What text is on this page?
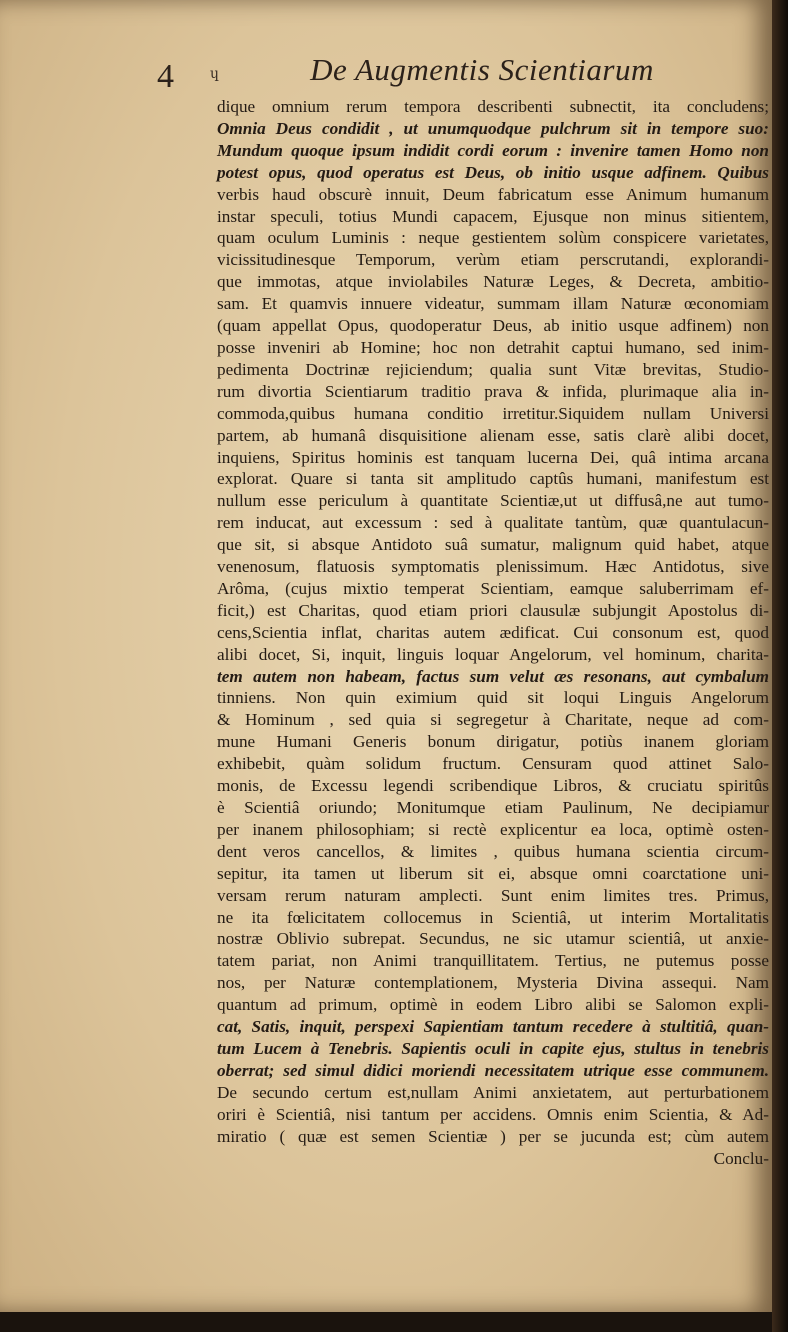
4	ɥ	De Augmentis Scientiarum
dique omnium rerum tempora describenti subnectit, ita concludens;
Omnia Deus condidit , ut unumquodque pulchrum sit in tempore suo:
Mundum quoque ipsum indidit cordi eorum : invenire tamen Homo non
potest opus, quod operatus est Deus, ob initio usque adfinem. Quibus
verbis haud obscurè innuit, Deum fabricatum esse Animum humanum
instar speculi, totius Mundi capacem, Ejusque non minus sitientem,
quam oculum Luminis : neque gestientem solùm conspicere varietates,
vicissitudinesque Temporum, verùm etiam perscrutandi, explorandi-
que immotas, atque inviolabiles Naturæ Leges, & Decreta, ambitio-
sam. Et quamvis innuere videatur, summam illam Naturæ œconomiam
(quam appellat Opus, quodoperatur Deus, ab initio usque adfinem) non
posse inveniri ab Homine; hoc non detrahit captui humano, sed inim-
pedimenta Doctrinæ rejiciendum; qualia sunt Vitæ brevitas, Studio-
rum divortia Scientiarum traditio prava & infida, plurimaque alia in-
commoda,quibus humana conditio irretitur.Siquidem nullam Universi
partem, ab humanâ disquisitione alienam esse, satis clarè alibi docet,
inquiens, Spiritus hominis est tanquam lucerna Dei, quâ intima arcana
explorat. Quare si tanta sit amplitudo captûs humani, manifestum est
nullum esse periculum à quantitate Scientiæ,ut ut diffusâ,ne aut tumo-
rem inducat, aut excessum : sed à qualitate tantùm, quæ quantulacun-
que sit, si absque Antidoto suâ sumatur, malignum quid habet, atque
venenosum, flatuosis symptomatis plenissimum. Hæc Antidotus, sive
Arôma, (cujus mixtio temperat Scientiam, eamque saluberrimam ef-
ficit,) est Charitas, quod etiam priori clausulæ subjungit Apostolus di-
cens,Scientia inflat, charitas autem ædificat. Cui consonum est, quod
alibi docet, Si, inquit, linguis loquar Angelorum, vel hominum, charita-
tem autem non habeam, factus sum velut æs resonans, aut cymbalum
tinniens. Non quin eximium quid sit loqui Linguis Angelorum
& Hominum , sed quia si segregetur à Charitate, neque ad com-
mune Humani Generis bonum dirigatur, potiùs inanem gloriam
exhibebit, quàm solidum fructum. Censuram quod attinet Salo-
monis, de Excessu legendi scribendique Libros, & cruciatu spiritûs
è Scientiâ oriundo; Monitumque etiam Paulinum, Ne decipiamur
per inanem philosophiam; si rectè explicentur ea loca, optimè osten-
dent veros cancellos, & limites , quibus humana scientia circum-
sepitur, ita tamen ut liberum sit ei, absque omni coarctatione uni-
versam rerum naturam amplecti. Sunt enim limites tres. Primus,
ne ita fœlicitatem collocemus in Scientiâ, ut interim Mortalitatis
nostræ Oblivio subrepat. Secundus, ne sic utamur scientiâ, ut anxie-
tatem pariat, non Animi tranquillitatem. Tertius, ne putemus posse
nos, per Naturæ contemplationem, Mysteria Divina assequi. Nam
quantum ad primum, optimè in eodem Libro alibi se Salomon expli-
cat, Satis, inquit, perspexi Sapientiam tantum recedere à stultitiâ, quan-
tum Lucem à Tenebris. Sapientis oculi in capite ejus, stultus in tenebris
oberrat; sed simul didici moriendi necessitatem utrique esse communem.
De secundo certum est,nullam Animi anxietatem, aut perturbationem
oriri è Scientiâ, nisi tantum per accidens. Omnis enim Scientia, & Ad-
miratio ( quæ est semen Scientiæ ) per se jucunda est; cùm autem
Conclu-
